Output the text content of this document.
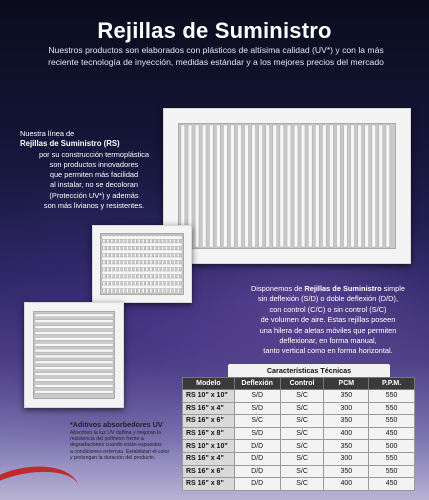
Rejillas de Suministro
Nuestros productos son elaborados con plásticos de altísima calidad (UV*) y con la más
reciente tecnología de inyección, medidas estándar y a los mejores precios del mercado
Nuestra línea de
Rejillas de Suministro (RS)
por su construcción termoplástica
son productos innovadores
que permiten más facilidad
al instalar, no se decoloran
(Protección UV*) y además
son más livianos y resistentes.
Disponemos de Rejillas de Suministro simple
sin deflexión (S/D) o doble deflexión (D/D),
con control (C/C) o sin control (S/C)
de volumen de aire. Estas rejillas poseen
una hilera de aletas móviles que permiten
deflexionar, en forma manual,
tanto vertical como en forma horizontal.
Características Técnicas
Modelo	Deflexión	Control	PCM	P.P.M.
RS 10" x 10"	S/D	S/C	350	550
RS 16" x 4"	S/D	S/C	300	550
RS 16" x 6"	S/C	S/C	350	550
RS 16" x 8"	S/D	S/C	400	450
RS 10" x 10"	D/D	S/C	350	500
RS 16" x 4"	D/D	S/C	300	550
RS 16" x 6"	D/D	S/C	350	550
RS 16" x 8"	D/D	S/C	400	450
*Aditivos absorbedores UV
Absorben la luz UV dañina y mejoran la
resistencia del polímero frente a
degradaciones cuando están expuestos
a condiciones externas. Estabilizan el color
y prolongan la duración del producto.
